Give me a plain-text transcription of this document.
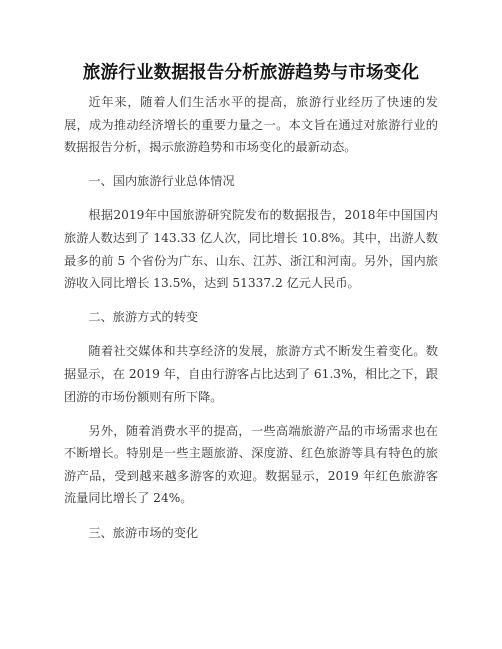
旅游行业数据报告分析旅游趋势与市场变化

近年来，随着人们生活水平的提高，旅游行业经历了快速的发展，成为推动经济增长的重要力量之一。本文旨在通过对旅游行业的数据报告分析，揭示旅游趋势和市场变化的最新动态。

一、国内旅游行业总体情况

根据2019年中国旅游研究院发布的数据报告，2018年中国国内旅游人数达到了 143.33 亿人次，同比增长 10.8%。其中，出游人数最多的前 5 个省份为广东、山东、江苏、浙江和河南。另外，国内旅游收入同比增长 13.5%，达到 51337.2 亿元人民币。

二、旅游方式的转变

随着社交媒体和共享经济的发展，旅游方式不断发生着变化。数据显示，在 2019 年，自由行游客占比达到了 61.3%，相比之下，跟团游的市场份额则有所下降。

另外，随着消费水平的提高，一些高端旅游产品的市场需求也在不断增长。特别是一些主题旅游、深度游、红色旅游等具有特色的旅游产品，受到越来越多游客的欢迎。数据显示，2019 年红色旅游客流量同比增长了 24%。

三、旅游市场的变化
